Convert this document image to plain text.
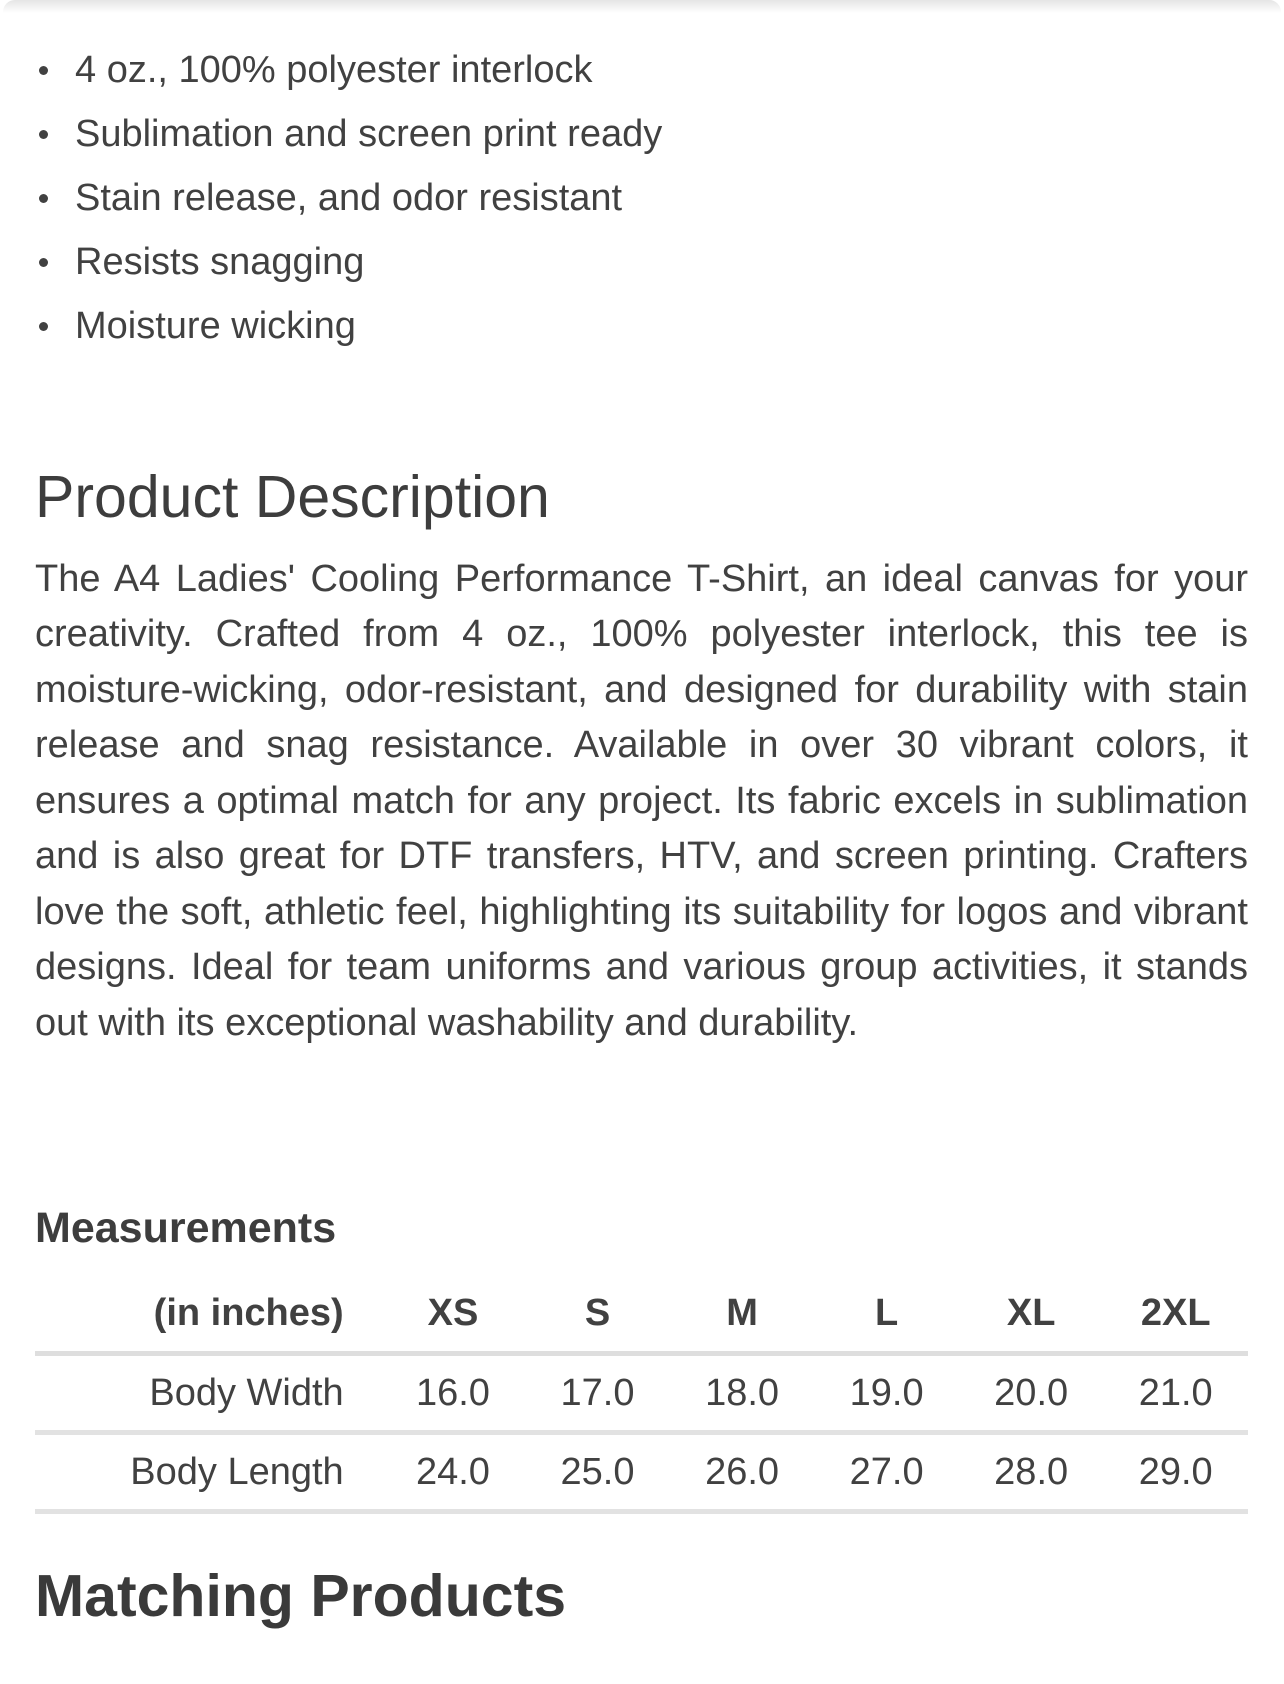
4 oz., 100% polyester interlock
Sublimation and screen print ready
Stain release, and odor resistant
Resists snagging
Moisture wicking
Product Description

The A4 Ladies' Cooling Performance T-Shirt, an ideal canvas for your creativity. Crafted from 4 oz., 100% polyester interlock, this tee is moisture-wicking, odor-resistant, and designed for durability with stain release and snag resistance. Available in over 30 vibrant colors, it ensures a optimal match for any project. Its fabric excels in sublimation and is also great for DTF transfers, HTV, and screen printing. Crafters love the soft, athletic feel, highlighting its suitability for logos and vibrant designs. Ideal for team uniforms and various group activities, it stands out with its exceptional washability and durability.

Measurements
(in inches)	XS	S	M	L	XL	2XL
Body Width	16.0	17.0	18.0	19.0	20.0	21.0
Body Length	24.0	25.0	26.0	27.0	28.0	29.0
Matching Products
